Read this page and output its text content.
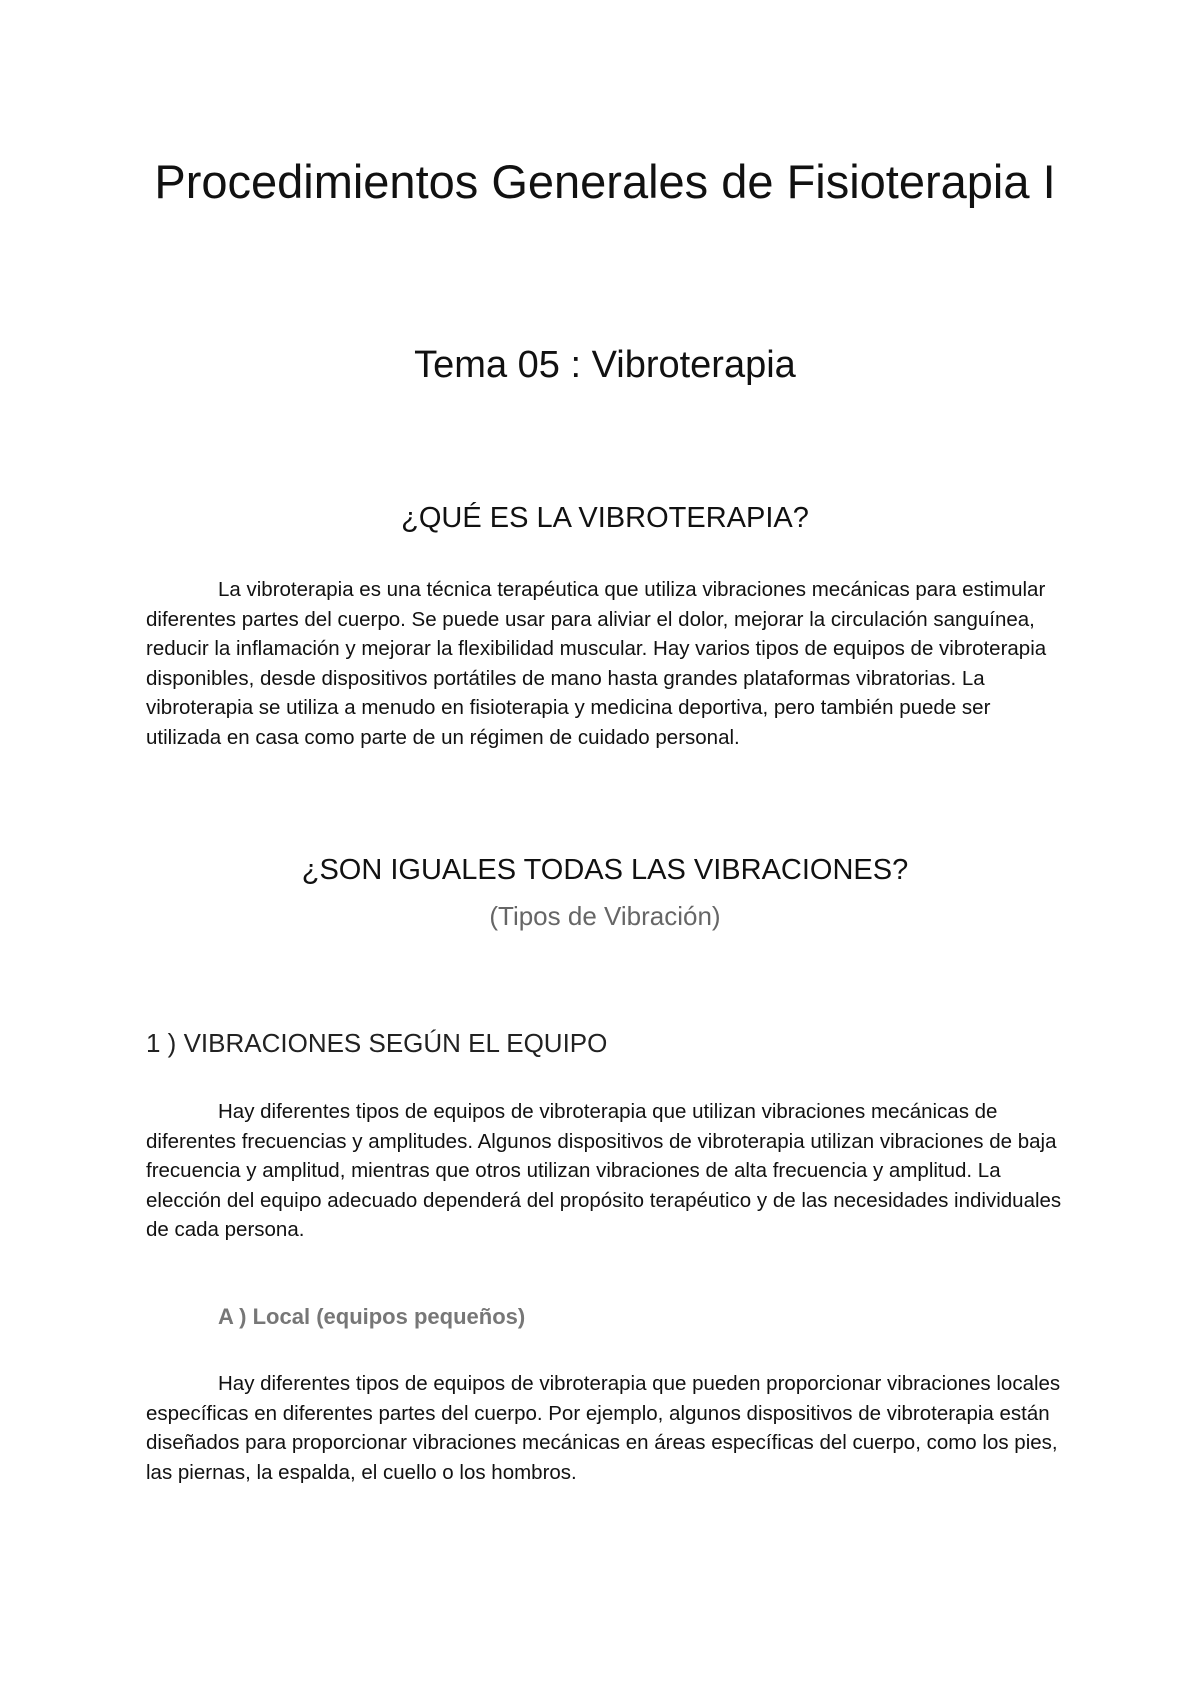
Procedimientos Generales de Fisioterapia I
Tema 05 : Vibroterapia
¿QUÉ ES LA VIBROTERAPIA?

La vibroterapia es una técnica terapéutica que utiliza vibraciones mecánicas para estimular diferentes partes del cuerpo. Se puede usar para aliviar el dolor, mejorar la circulación sanguínea, reducir la inflamación y mejorar la flexibilidad muscular. Hay varios tipos de equipos de vibroterapia disponibles, desde dispositivos portátiles de mano hasta grandes plataformas vibratorias. La vibroterapia se utiliza a menudo en fisioterapia y medicina deportiva, pero también puede ser utilizada en casa como parte de un régimen de cuidado personal.

¿SON IGUALES TODAS LAS VIBRACIONES?

(Tipos de Vibración)

1 ) VIBRACIONES SEGÚN EL EQUIPO

Hay diferentes tipos de equipos de vibroterapia que utilizan vibraciones mecánicas de diferentes frecuencias y amplitudes. Algunos dispositivos de vibroterapia utilizan vibraciones de baja frecuencia y amplitud, mientras que otros utilizan vibraciones de alta frecuencia y amplitud. La elección del equipo adecuado dependerá del propósito terapéutico y de las necesidades individuales de cada persona.

A ) Local (equipos pequeños)

Hay diferentes tipos de equipos de vibroterapia que pueden proporcionar vibraciones locales específicas en diferentes partes del cuerpo. Por ejemplo, algunos dispositivos de vibroterapia están diseñados para proporcionar vibraciones mecánicas en áreas específicas del cuerpo, como los pies, las piernas, la espalda, el cuello o los hombros.
